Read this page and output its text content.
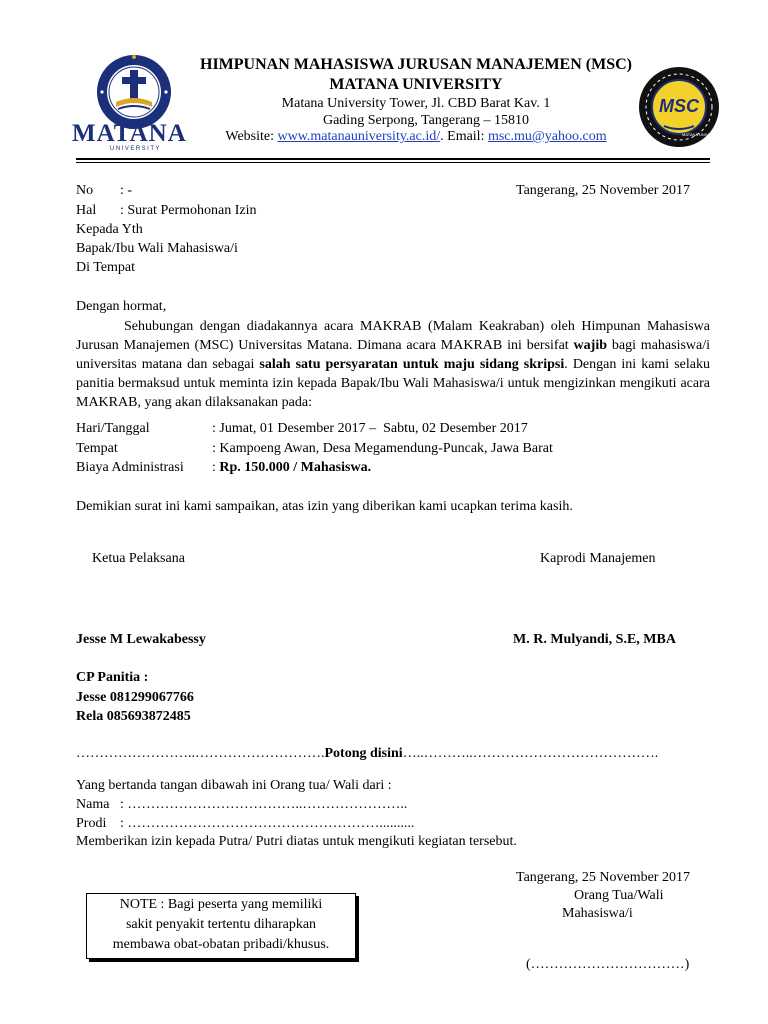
MATANA
UNIVERSITY
MSC
MATANA UNIVERSITY
HIMPUNAN MAHASISWA JURUSAN MANAJEMEN (MSC)
MATANA UNIVERSITY
Matana University Tower, Jl. CBD Barat Kav. 1
Gading Serpong, Tangerang – 15810
Website: www.matanauniversity.ac.id/. Email: msc.mu@yahoo.com
No : -	Tangerang, 25 November 2017
Hal : Surat Permohonan Izin
Kepada Yth
Bapak/Ibu Wali Mahasiswa/i
Di Tempat
Dengan hormat,
Sehubungan dengan diadakannya acara MAKRAB (Malam Keakraban) oleh Himpunan Mahasiswa Jurusan Manajemen (MSC) Universitas Matana. Dimana acara MAKRAB ini bersifat wajib bagi mahasiswa/i universitas matana dan sebagai salah satu persyaratan untuk maju sidang skripsi. Dengan ini kami selaku panitia bermaksud untuk meminta izin kepada Bapak/Ibu Wali Mahasiswa/i untuk mengizinkan mengikuti acara MAKRAB, yang akan dilaksanakan pada:
Hari/Tanggal	: Jumat, 01 Desember 2017 –  Sabtu, 02 Desember 2017
Tempat	: Kampoeng Awan, Desa Megamendung-Puncak, Jawa Barat
Biaya Administrasi : Rp. 150.000 / Mahasiswa.
Demikian surat ini kami sampaikan, atas izin yang diberikan kami ucapkan terima kasih.
Ketua Pelaksana	Kaprodi Manajemen
Jesse M Lewakabessy	M. R. Mulyandi, S.E, MBA
CP Panitia :
Jesse 081299067766
Rela 085693872485
……………………..……………………….Potong disini…..………..………………………………….
Yang bertanda tangan dibawah ini Orang tua/ Wali dari :
Nama : ………………………………..…………………..
Prodi : ………………………………………………..........
Memberikan izin kepada Putra/ Putri diatas untuk mengikuti kegiatan tersebut.
Tangerang, 25 November 2017
Orang Tua/Wali
Mahasiswa/i
(……………………………)
NOTE : Bagi peserta yang memiliki
sakit penyakit tertentu diharapkan
membawa obat-obatan pribadi/khusus.
